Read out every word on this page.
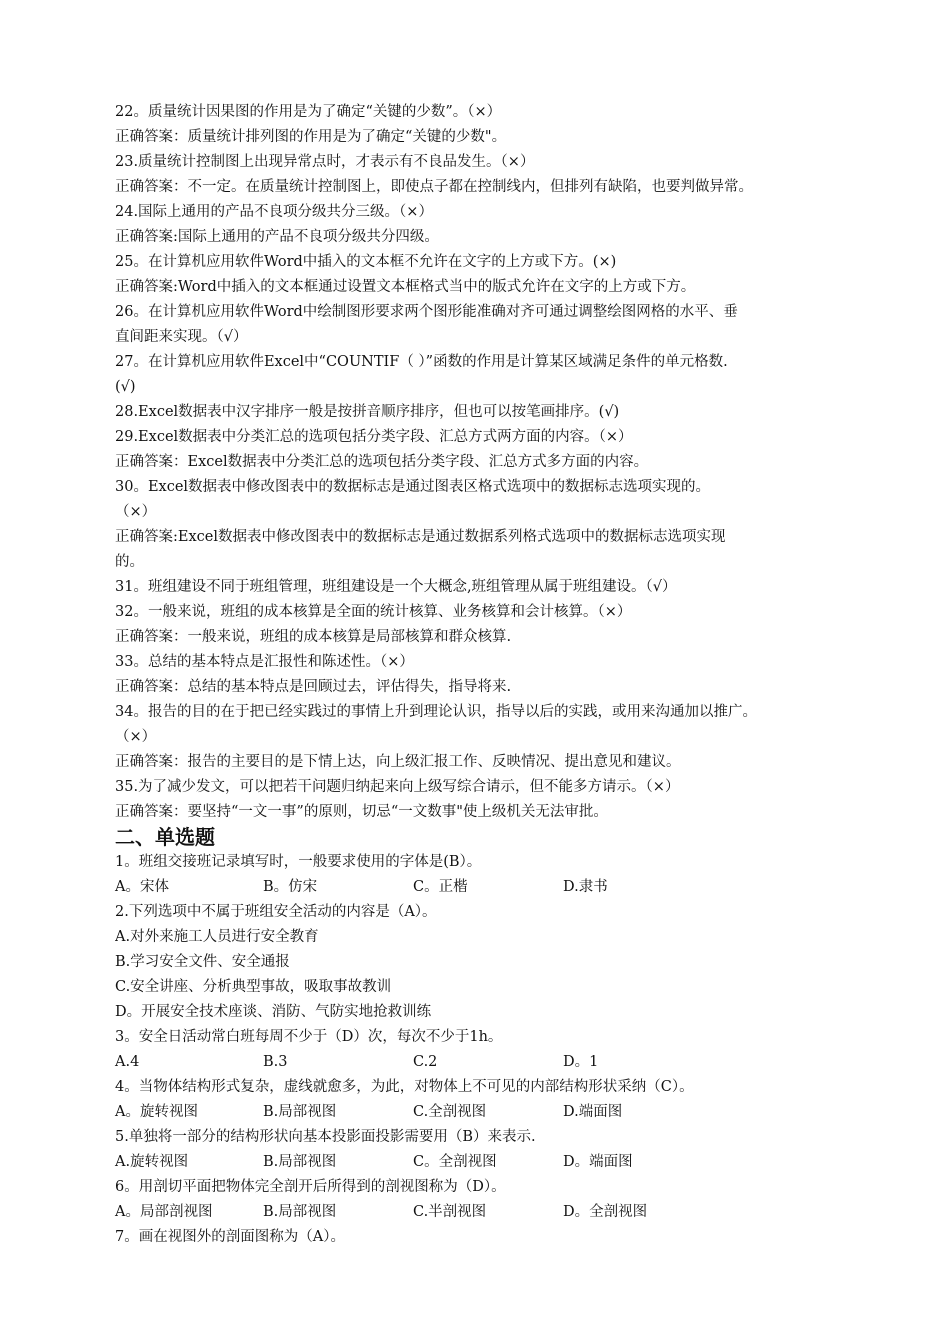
22。质量统计因果图的作用是为了确定“关键的少数”。（×）
正确答案：质量统计排列图的作用是为了确定“关键的少数"。
23.质量统计控制图上出现异常点时，才表示有不良品发生。（×）
正确答案：不一定。在质量统计控制图上，即使点子都在控制线内，但排列有缺陷，也要判做异常。
24.国际上通用的产品不良项分级共分三级。（×）
正确答案:国际上通用的产品不良项分级共分四级。
25。在计算机应用软件Word中插入的文本框不允许在文字的上方或下方。(×)
正确答案:Word中插入的文本框通过设置文本框格式当中的版式允许在文字的上方或下方。
26。在计算机应用软件Word中绘制图形要求两个图形能准确对齐可通过调整绘图网格的水平、垂
直间距来实现。（√）
27。在计算机应用软件Excel中“COUNTIF（ ）”函数的作用是计算某区域满足条件的单元格数.
(√)
28.Excel数据表中汉字排序一般是按拼音顺序排序，但也可以按笔画排序。(√)
29.Excel数据表中分类汇总的选项包括分类字段、汇总方式两方面的内容。（×）
正确答案：Excel数据表中分类汇总的选项包括分类字段、汇总方式多方面的内容。
30。Excel数据表中修改图表中的数据标志是通过图表区格式选项中的数据标志选项实现的。
（×）
正确答案:Excel数据表中修改图表中的数据标志是通过数据系列格式选项中的数据标志选项实现
的。
31。班组建设不同于班组管理，班组建设是一个大概念,班组管理从属于班组建设。（√）
32。一般来说，班组的成本核算是全面的统计核算、业务核算和会计核算。（×）
正确答案：一般来说，班组的成本核算是局部核算和群众核算.
33。总结的基本特点是汇报性和陈述性。（×）
正确答案：总结的基本特点是回顾过去，评估得失，指导将来.
34。报告的目的在于把已经实践过的事情上升到理论认识，指导以后的实践，或用来沟通加以推广。
（×）
正确答案：报告的主要目的是下情上达，向上级汇报工作、反映情况、提出意见和建议。
35.为了减少发文，可以把若干问题归纳起来向上级写综合请示，但不能多方请示。（×）
正确答案：要坚持“一文一事”的原则，切忌“一文数事"使上级机关无法审批。
二、单选题
1。班组交接班记录填写时，一般要求使用的字体是(B）。
A。宋体	B。仿宋	C。正楷	D.隶书
2.下列选项中不属于班组安全活动的内容是（A）。
A.对外来施工人员进行安全教育
B.学习安全文件、安全通报
C.安全讲座、分析典型事故，吸取事故教训
D。开展安全技术座谈、消防、气防实地抢救训练
3。安全日活动常白班每周不少于（D）次，每次不少于1h。
A.4	B.3	C.2	D。1
4。当物体结构形式复杂，虚线就愈多，为此，对物体上不可见的内部结构形状采纳（C）。
A。旋转视图	B.局部视图	C.全剖视图	D.端面图
5.单独将一部分的结构形状向基本投影面投影需要用（B）来表示.
A.旋转视图	B.局部视图	C。全剖视图	D。端面图
6。用剖切平面把物体完全剖开后所得到的剖视图称为（D）。
A。局部剖视图	B.局部视图	C.半剖视图	D。全剖视图
7。画在视图外的剖面图称为（A）。
